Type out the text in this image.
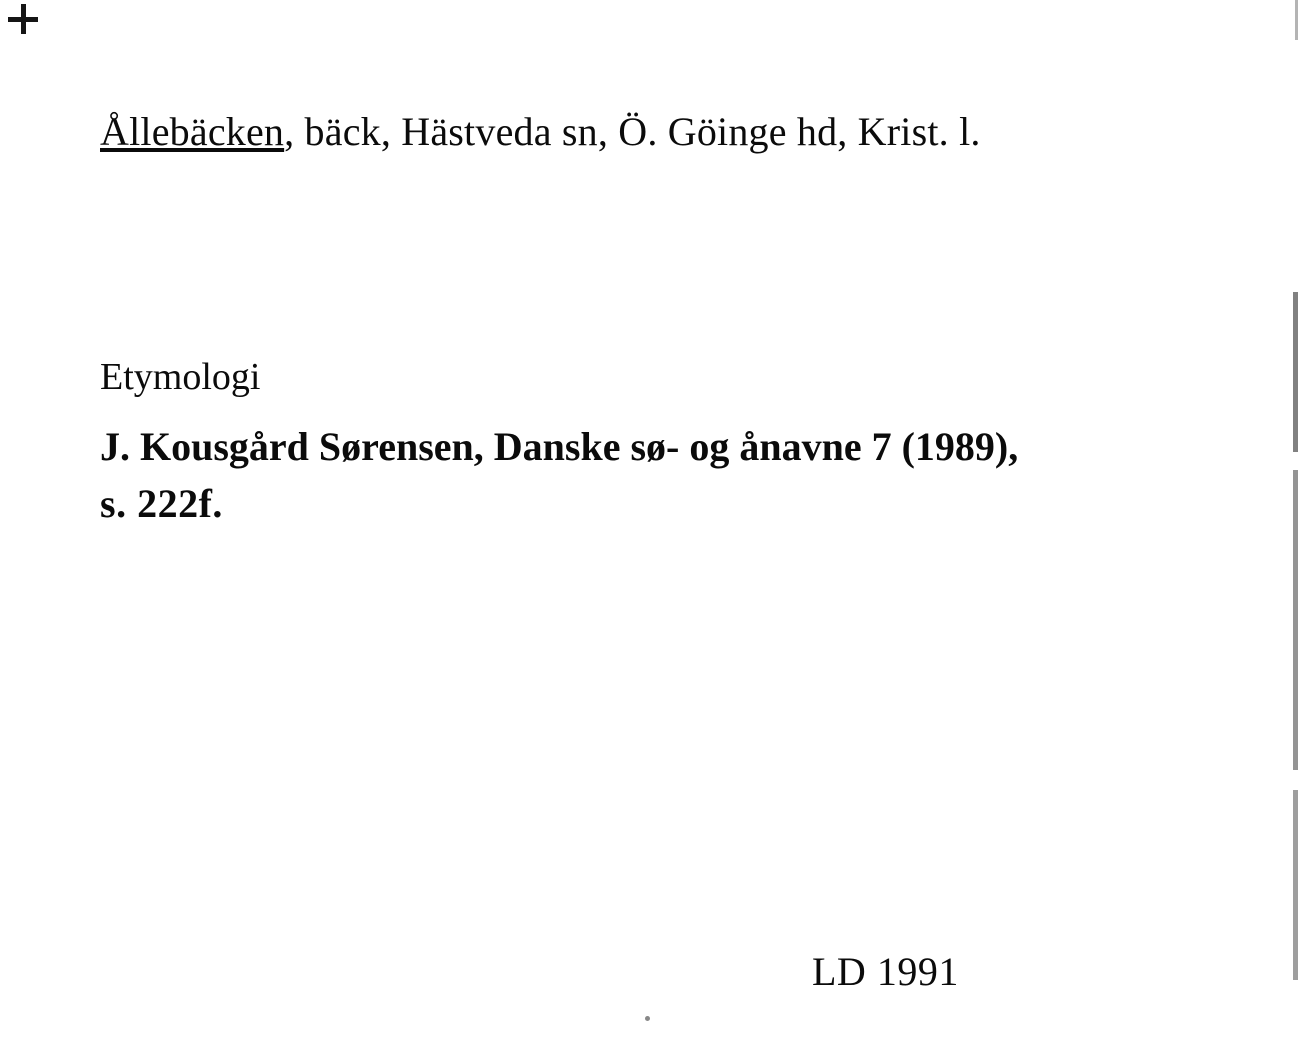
Ållebäcken, bäck, Hästveda sn, Ö. Göinge hd, Krist. l.
Etymologi
J. Kousgård Sørensen, Danske sø- og ånavne 7 (1989),
s. 222f.
LD 1991
